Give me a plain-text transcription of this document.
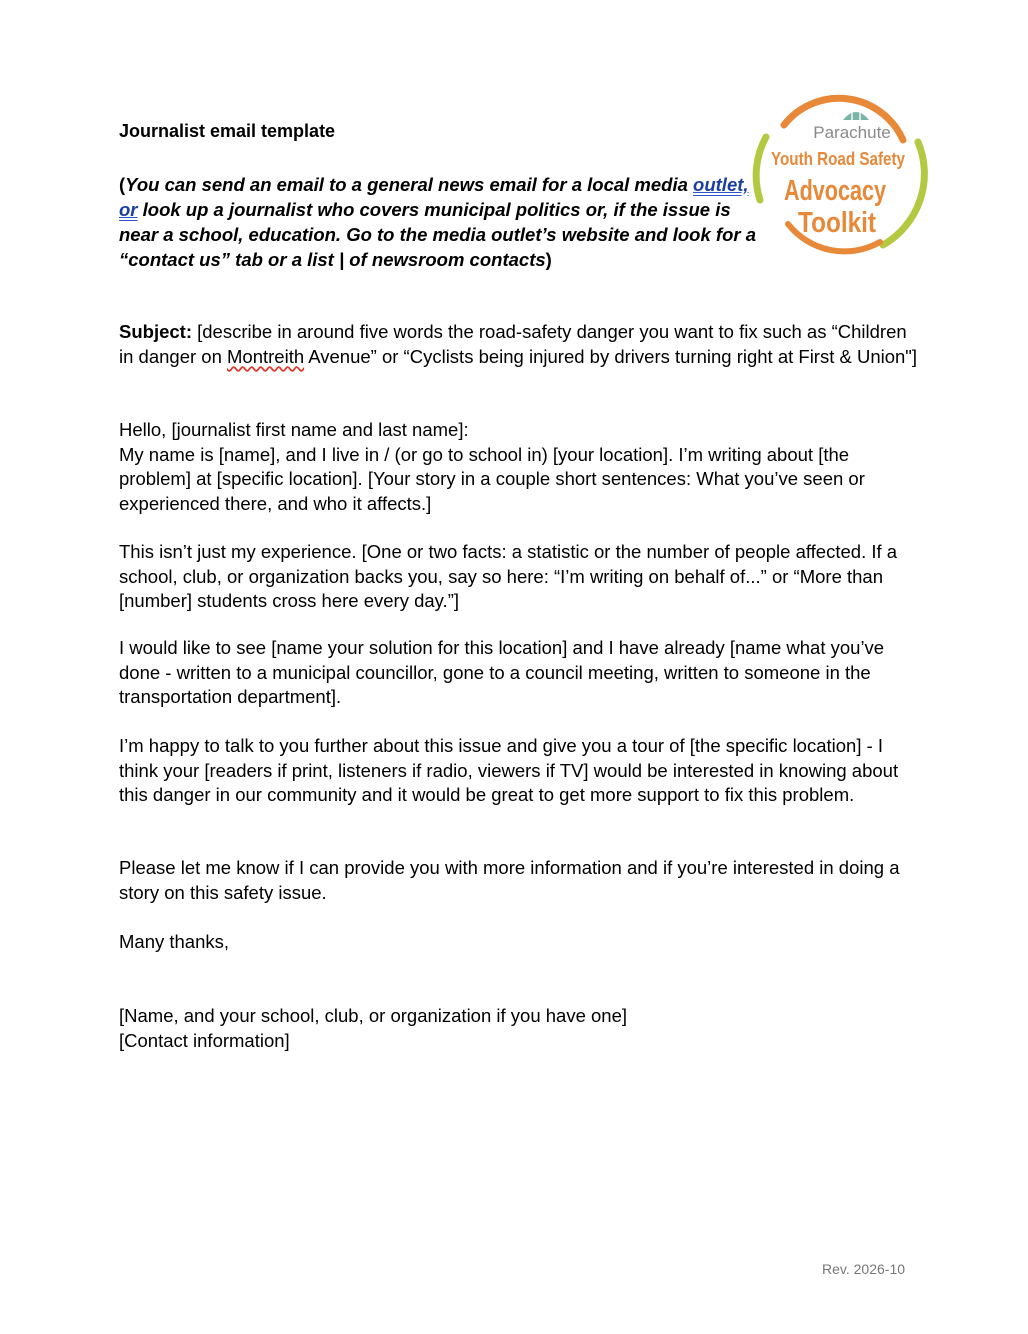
Journalist email template
(You can send an email to a general news email for a local media outlet, or look up a journalist who covers municipal politics or, if the issue is near a school, education. Go to the media outlet’s website and look for a “contact us” tab or a list | of newsroom contacts)
Subject: [describe in around five words the road-safety danger you want to fix such as “Children in danger on Montreith Avenue” or “Cyclists being injured by drivers turning right at First & Union"]

Hello, [journalist first name and last name]:

My name is [name], and I live in / (or go to school in) [your location]. I’m writing about [the problem] at [specific location]. [Your story in a couple short sentences: What you’ve seen or experienced there, and who it affects.]

This isn’t just my experience. [One or two facts: a statistic or the number of people affected. If a school, club, or organization backs you, say so here: “I’m writing on behalf of...” or “More than [number] students cross here every day.”]
I would like to see [name your solution for this location] and I have already [name what you’ve done - written to a municipal councillor, gone to a council meeting, written to someone in the transportation department].
I’m happy to talk to you further about this issue and give you a tour of [the specific location] - I think your [readers if print, listeners if radio, viewers if TV] would be interested in knowing about this danger in our community and it would be great to get more support to fix this problem.
Please let me know if I can provide you with more information and if you’re interested in doing a story on this safety issue.
Many thanks,

[Name, and your school, club, or organization if you have one]

[Contact information]

Parachute
Youth Road Safety
Advocacy
Toolkit
Rev. 2026-10
